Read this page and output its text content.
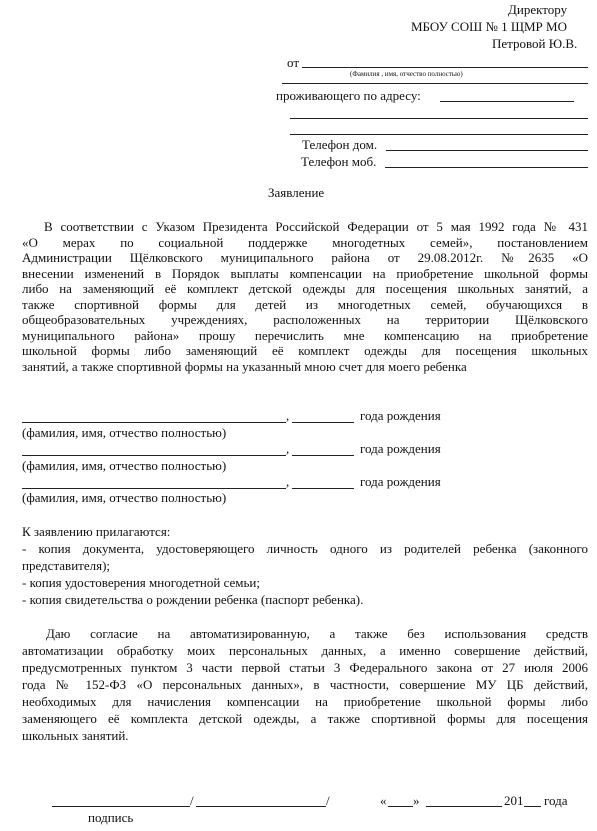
Директору
МБОУ СОШ № 1 ЩМР МО
Петровой Ю.В.
от
(Фамилия , имя, отчество полностью)
проживающего по адресу:
Телефон дом.
Телефон моб.
Заявление
В соответствии с Указом Президента Российской Федерации от 5 мая 1992 года № 431
«О мерах по социальной поддержке многодетных семей», постановлением
Администрации Щёлковского муниципального района от 29.08.2012г. №2635 «О
внесении изменений в Порядок выплаты компенсации на приобретение школьной формы
либо на заменяющий её комплект детской одежды для посещения школьных занятий, а
также спортивной формы для детей из многодетных семей, обучающихся в
общеобразовательных учреждениях, расположенных на территории Щёлковского
муниципального района» прошу перечислить мне компенсацию на приобретение
школьной формы либо заменяющий её комплект одежды для посещения школьных
занятий, а также спортивной формы на указанный мною счет для моего ребенка
,	года рождения
(фамилия, имя, отчество полностью)
,	года рождения
(фамилия, имя, отчество полностью)
,	года рождения
(фамилия, имя, отчество полностью)
К заявлению прилагаются:
- копия документа, удостоверяющего личность одного из родителей ребенка (законного
представителя);
- копия удостоверения многодетной семьи;
- копия свидетельства о рождении ребенка (паспорт ребенка).
Даю согласие на автоматизированную, а также без использования средств
автоматизации обработку моих персональных данных, а именно совершение действий,
предусмотренных пунктом 3 части первой статьи 3 Федерального закона от 27 июля 2006
года № 152-ФЗ «О персональных данных», в частности, совершение МУ ЦБ действий,
необходимых для начисления компенсации на приобретение школьной формы либо
заменяющего её комплекта детской одежды, а также спортивной формы для посещения
школьных занятий.
/	/	« »	201 года
подпись
